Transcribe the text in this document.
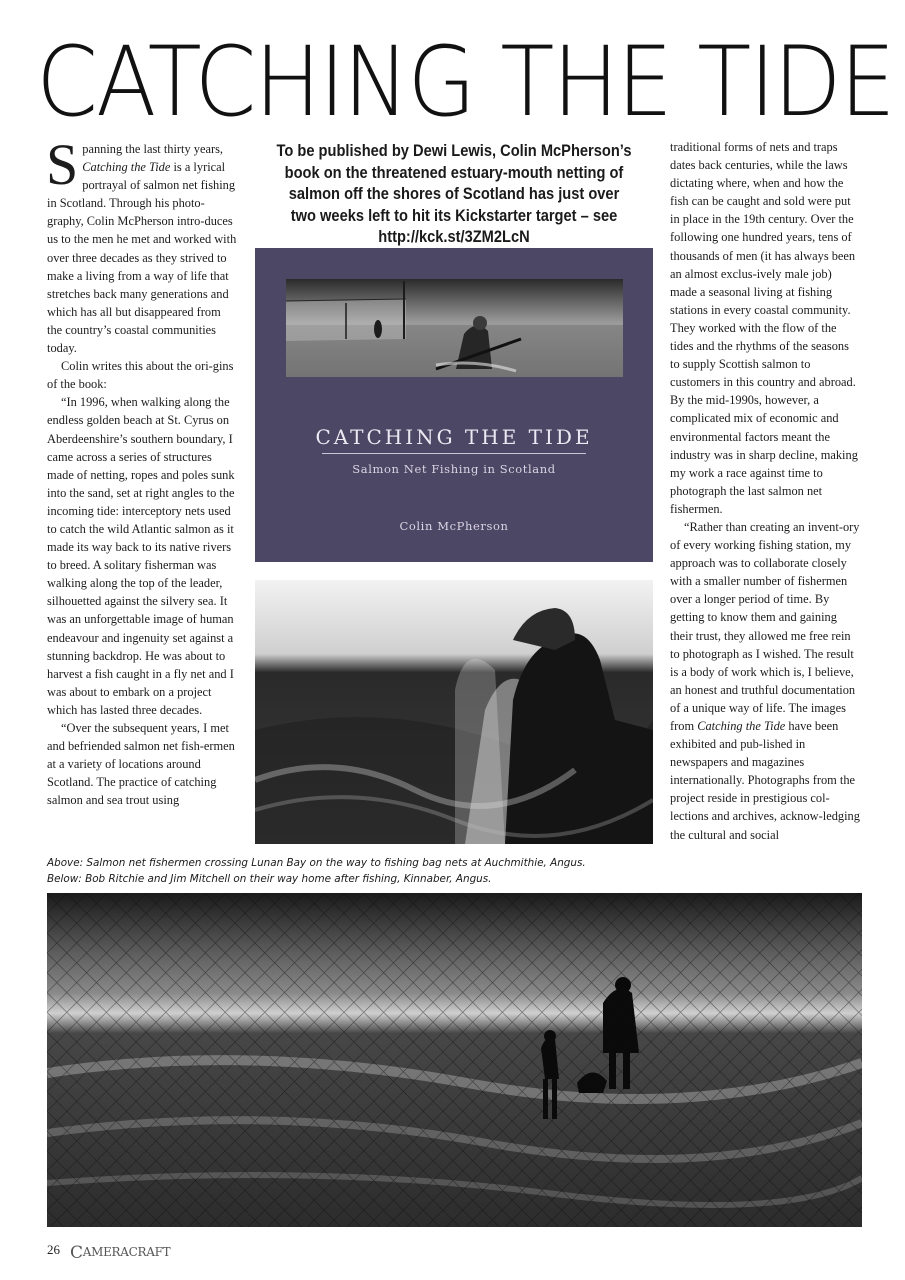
CATCHING THE TIDE

Spanning the last thirty years, Catching the Tide is a lyrical portrayal of salmon net fishing in Scotland. Through his photo-graphy, Colin McPherson intro-duces us to the men he met and worked with over three decades as they strived to make a living from a way of life that stretches back many generations and which has all but disappeared from the country’s coastal communities today.

Colin writes this about the ori-gins of the book:

“In 1996, when walking along the endless golden beach at St. Cyrus on Aberdeenshire’s southern boundary, I came across a series of structures made of netting, ropes and poles sunk into the sand, set at right angles to the incoming tide: interceptory nets used to catch the wild Atlantic salmon as it made its way back to its native rivers to breed. A solitary fisherman was walking along the top of the leader, silhouetted against the silvery sea. It was an unforgettable image of human endeavour and ingenuity set against a stunning backdrop. He was about to harvest a fish caught in a fly net and I was about to embark on a project which has lasted three decades.

“Over the subsequent years, I met and befriended salmon net fish-ermen at a variety of locations around Scotland. The practice of catching salmon and sea trout using

To be published by Dewi Lewis, Colin McPherson’s book on the threatened estuary-mouth netting of salmon off the shores of Scotland has just over two weeks left to hit its Kickstarter target – see http://kck.st/3ZM2LcN
CATCHING THE TIDE
Salmon Net Fishing in Scotland
Colin McPherson

traditional forms of nets and traps dates back centuries, while the laws dictating where, when and how the fish can be caught and sold were put in place in the 19th century. Over the following one hundred years, tens of thousands of men (it has always been an almost exclus-ively male job) made a seasonal living at fishing stations in every coastal community. They worked with the flow of the tides and the rhythms of the seasons to supply Scottish salmon to customers in this country and abroad. By the mid-1990s, however, a complicated mix of economic and environmental factors meant the industry was in sharp decline, making my work a race against time to photograph the last salmon net fishermen.

“Rather than creating an invent-ory of every working fishing station, my approach was to collaborate closely with a smaller number of fishermen over a longer period of time. By getting to know them and gaining their trust, they allowed me free rein to photograph as I wished. The result is a body of work which is, I believe, an honest and truthful documentation of a unique way of life. The images from Catching the Tide have been exhibited and pub-lished in newspapers and magazines internationally. Photographs from the project reside in prestigious col-lections and archives, acknow-ledging the cultural and social

Above: Salmon net fishermen crossing Lunan Bay on the way to fishing bag nets at Auchmithie, Angus.
Below: Bob Ritchie and Jim Mitchell on their way home after fishing, Kinnaber, Angus.
26 CAMERACRAFT
